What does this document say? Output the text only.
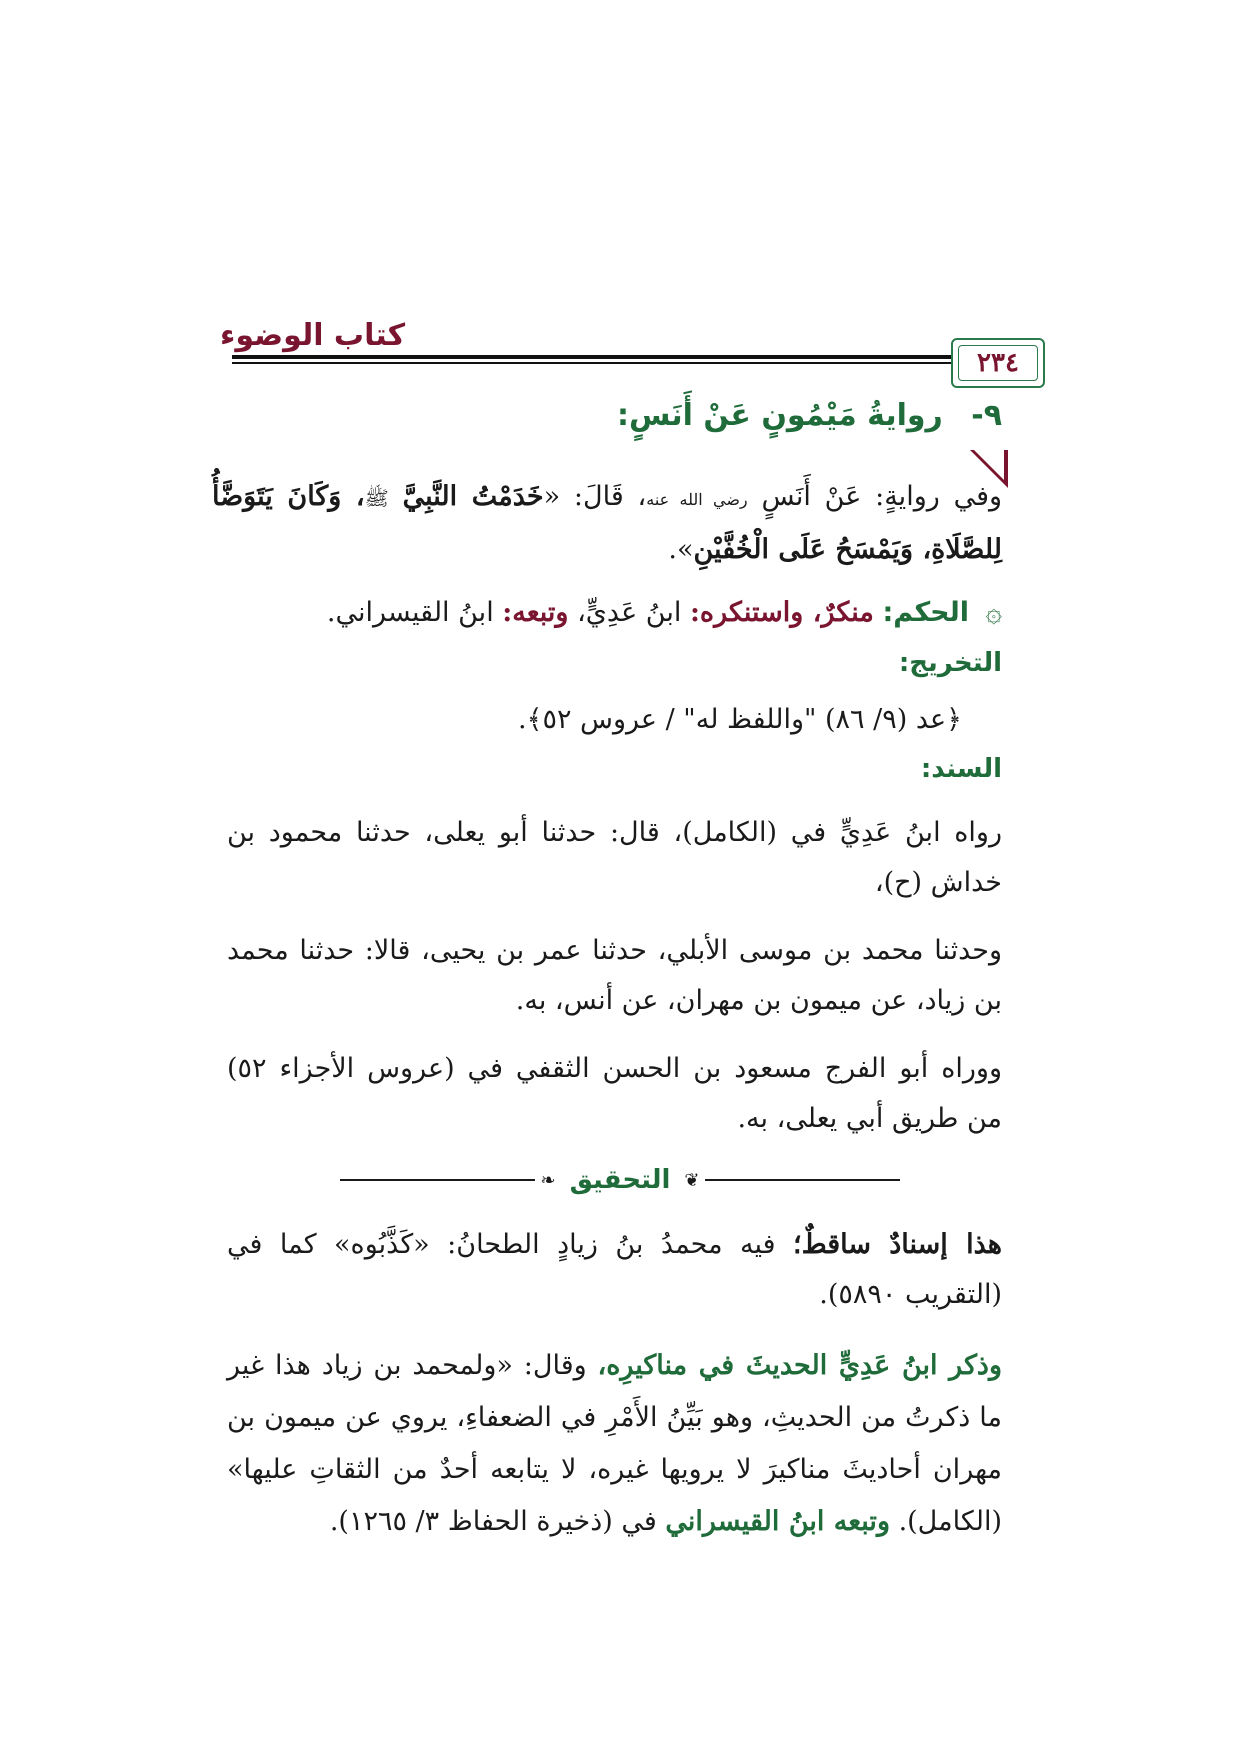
كتاب الوضوء
٢٣٤
٩- روايةُ مَيْمُونٍ عَنْ أَنَسٍ:

وفي روايةٍ: عَنْ أَنَسٍ رضي الله عنه، قَالَ: «خَدَمْتُ النَّبِيَّ ﷺ، وَكَانَ يَتَوَضَّأُ لِلصَّلَاةِ، وَيَمْسَحُ عَلَى الْخُفَّيْنِ».

۞ الحكم: منكرٌ، واستنكره: ابنُ عَدِيٍّ، وتبعه: ابنُ القيسراني.
التخريج:
﴿عد (٩/ ٨٦) "واللفظ له" / عروس ٥٢﴾.
السند:
رواه ابنُ عَدِيٍّ في (الكامل)، قال: حدثنا أبو يعلى، حدثنا محمود بن خداش (ح)،
وحدثنا محمد بن موسى الأبلي، حدثنا عمر بن يحيى، قالا: حدثنا محمد بن زياد، عن ميمون بن مهران، عن أنس، به.
ووراه أبو الفرج مسعود بن الحسن الثقفي في (عروس الأجزاء ٥٢) من طريق أبي يعلى، به.
❦
التحقيق
❧
هذا إسنادٌ ساقطٌ؛ فيه محمدُ بنُ زيادٍ الطحانُ: «كَذَّبُوه» كما في (التقريب ٥٨٩٠).
وذكر ابنُ عَدِيٍّ الحديثَ في مناكيرِه، وقال: «ولمحمد بن زياد هذا غير ما ذكرتُ من الحديثِ، وهو بَيِّنُ الأَمْرِ في الضعفاءِ، يروي عن ميمون بن مهران أحاديثَ مناكيرَ لا يرويها غيره، لا يتابعه أحدٌ من الثقاتِ عليها» (الكامل). وتبعه ابنُ القيسراني في (ذخيرة الحفاظ ٣/ ١٢٦٥).
